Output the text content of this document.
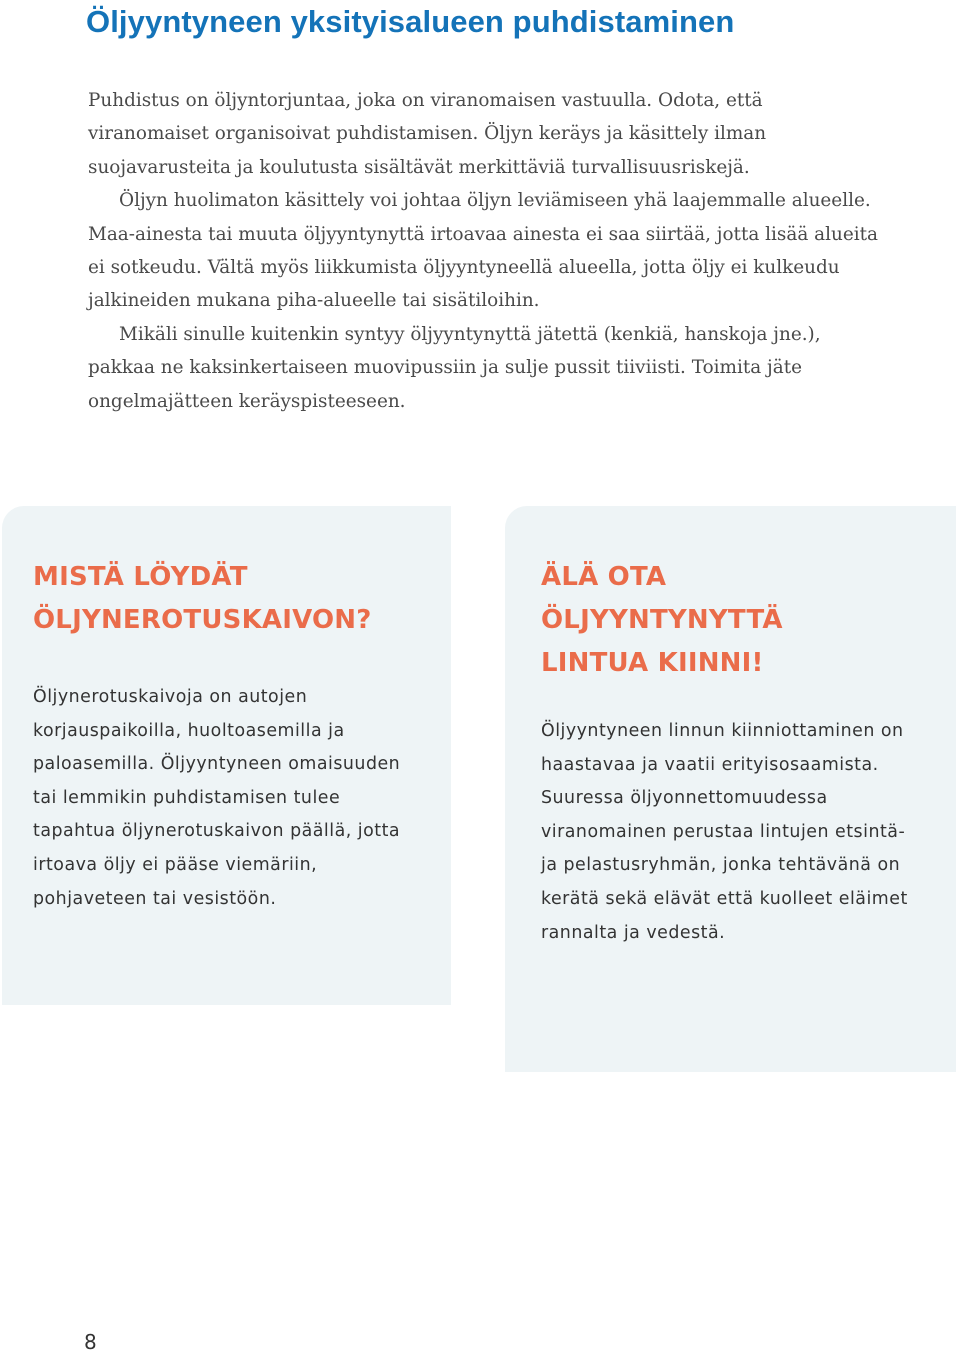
Öljyyntyneen yksityisalueen puhdistaminen

Puhdistus on öljyntorjuntaa, joka on viranomaisen vastuulla. Odota, että viranomaiset organisoivat puhdistamisen. Öljyn keräys ja käsittely ilman suojavarusteita ja koulutusta sisältävät merkittäviä turvallisuusriskejä.

Öljyn huolimaton käsittely voi johtaa öljyn leviämiseen yhä laajemmalle alueelle. Maa-ainesta tai muuta öljyyntynyttä irtoavaa ainesta ei saa siirtää, jotta lisää alueita ei sotkeudu. Vältä myös liikkumista öljyyntyneellä alueella, jotta öljy ei kulkeudu jalkineiden mukana piha-alueelle tai sisätiloihin.

Mikäli sinulle kuitenkin syntyy öljyyntynyttä jätettä (kenkiä, hanskoja jne.), pakkaa ne kaksinkertaiseen muovipussiin ja sulje pussit tiiviisti. Toimita jäte ongelmajätteen keräyspisteeseen.

MISTÄ LÖYDÄT
ÖLJYNEROTUSKAIVON?

Öljynerotuskaivoja on autojen korjauspaikoilla, huoltoasemilla ja paloasemilla. Öljyyntyneen omaisuuden tai lemmikin puhdistamisen tulee tapahtua öljynerotuskaivon päällä, jotta irtoava öljy ei pääse viemäriin, pohjaveteen tai vesistöön.

ÄLÄ OTA
ÖLJYYNTYNYTTÄ
LINTUA KIINNI!

Öljyyntyneen linnun kiinniottaminen on haastavaa ja vaatii erityisosaamista. Suuressa öljyonnettomuudessa viranomainen perustaa lintujen etsintä- ja pelastusryhmän, jonka tehtävänä on kerätä sekä elävät että kuolleet eläimet rannalta ja vedestä.

8
